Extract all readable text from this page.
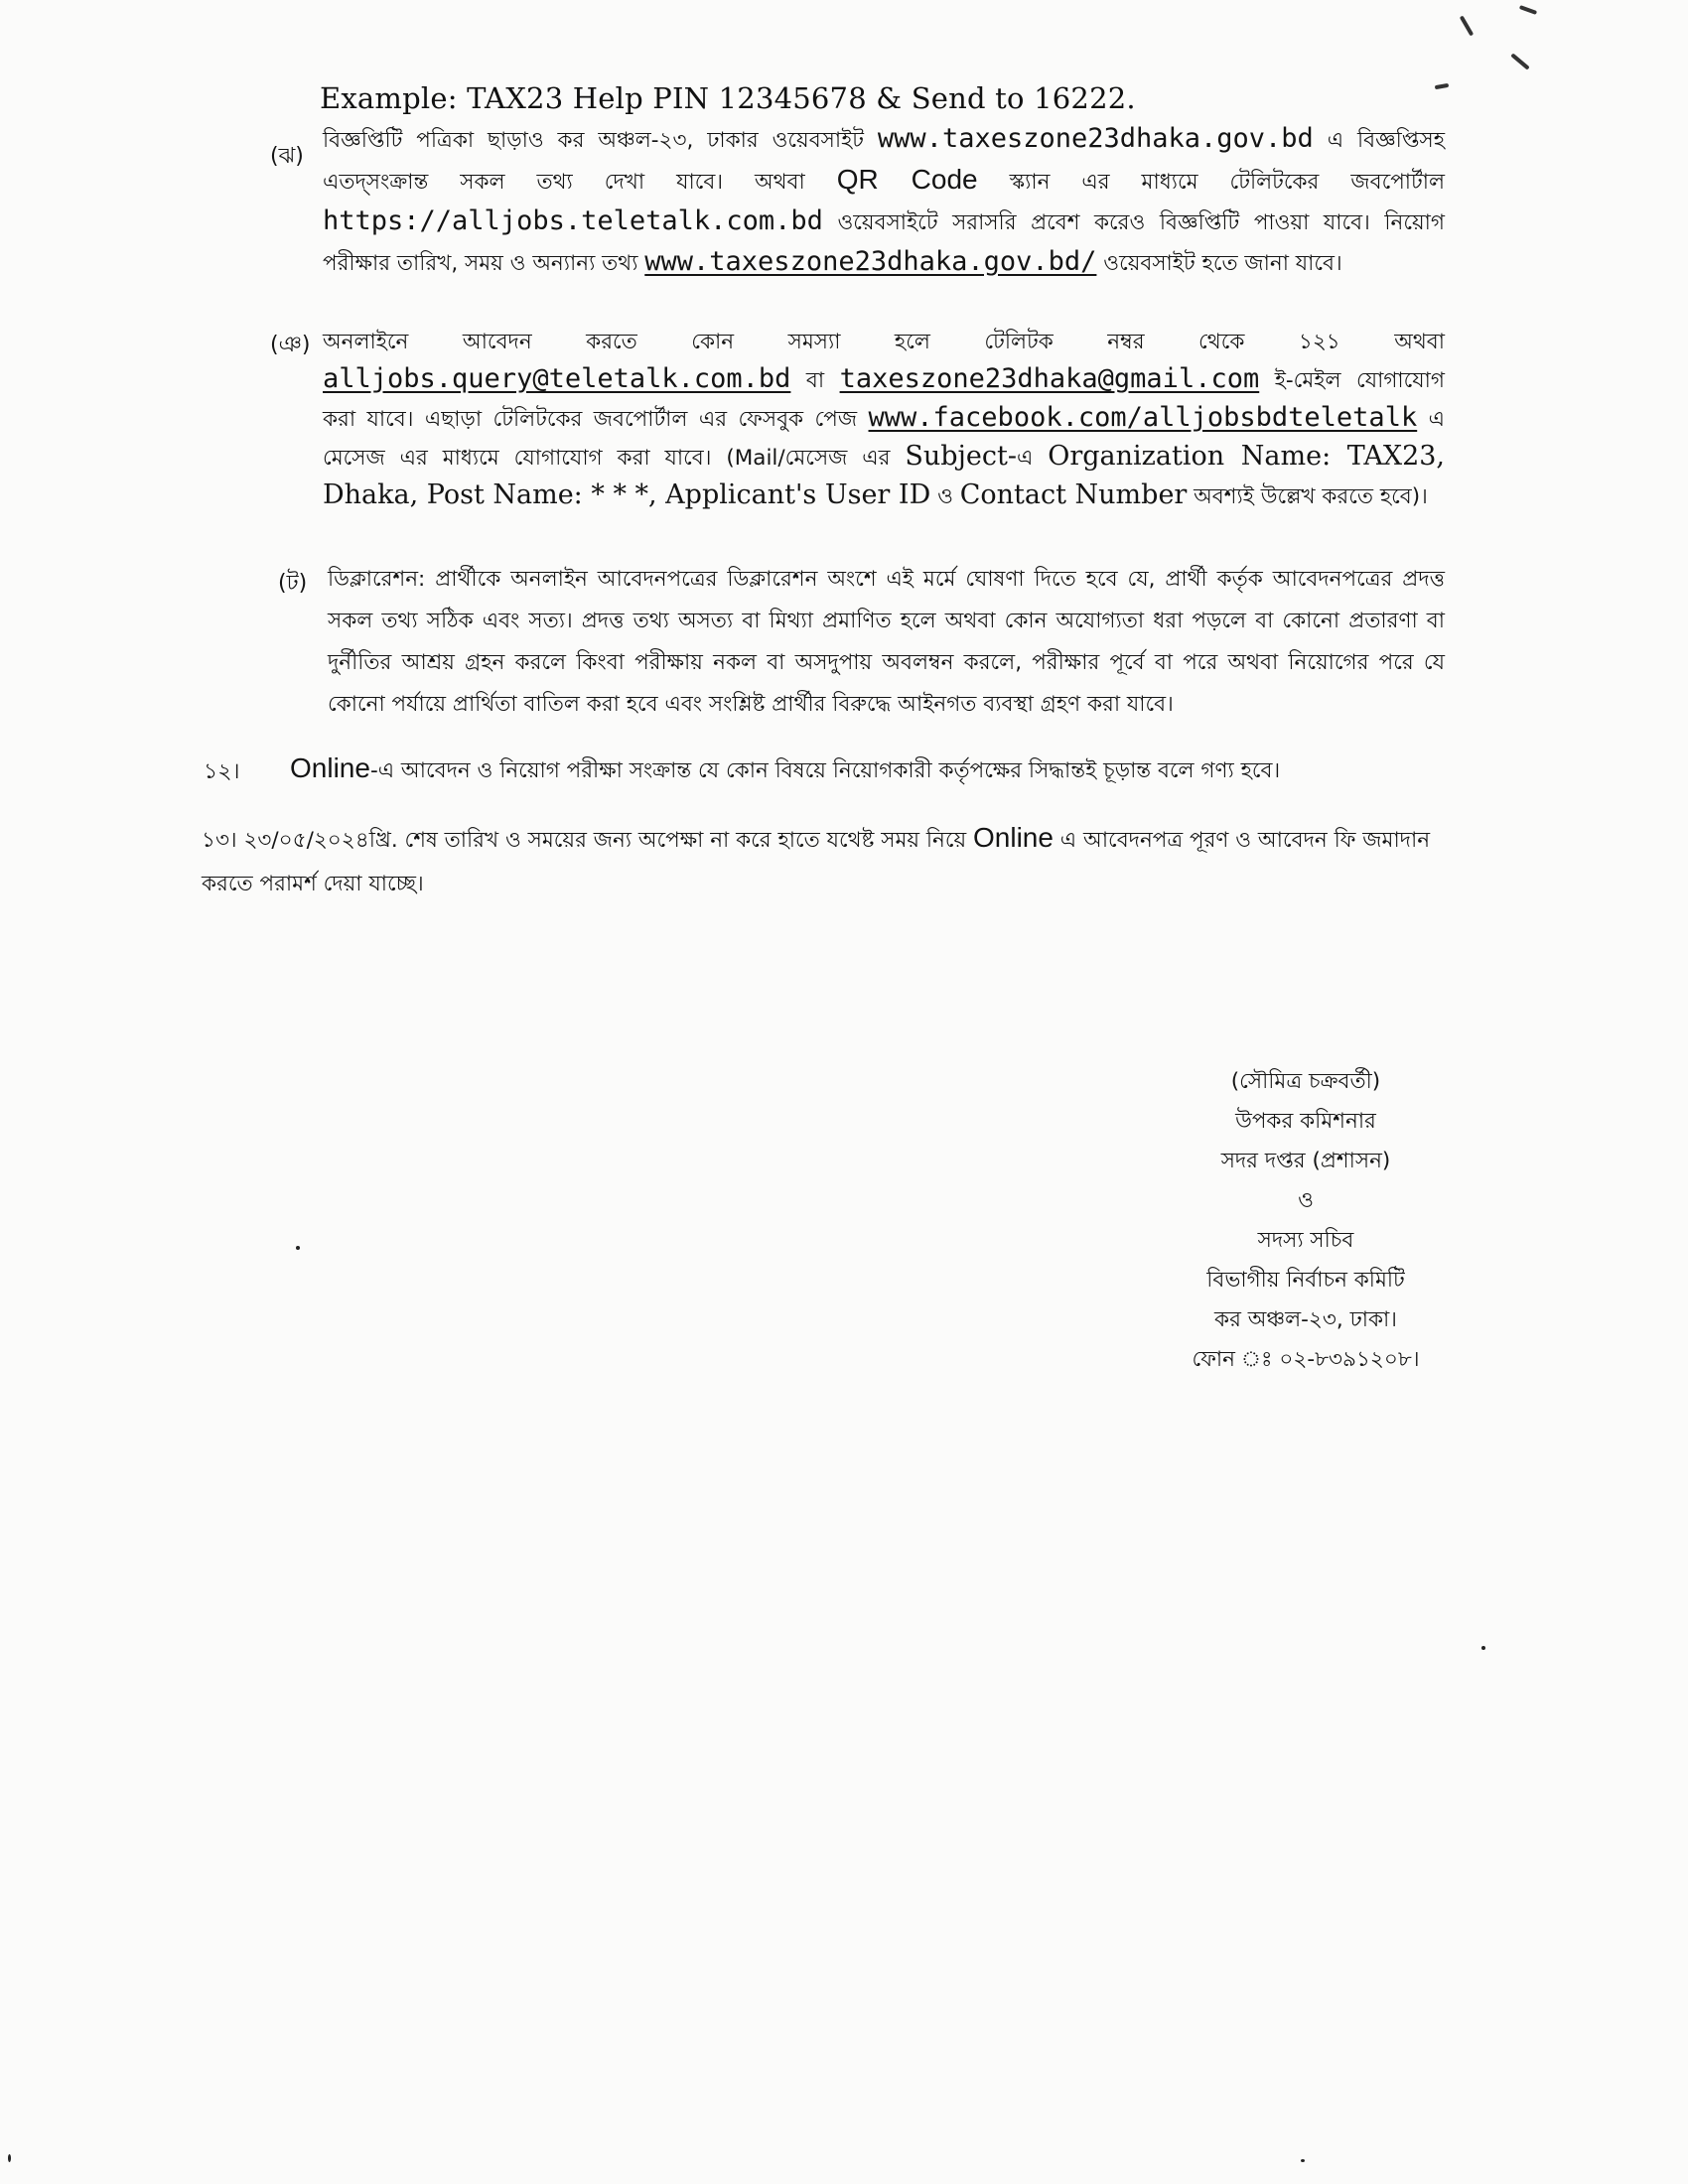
Example: TAX23 Help PIN 12345678 & Send to 16222.
(ঝ)
বিজ্ঞপ্তিটি পত্রিকা ছাড়াও কর অঞ্চল-২৩, ঢাকার ওয়েবসাইট www.taxeszone23dhaka.gov.bd এ বিজ্ঞপ্তিসহ এতদ্‌সংক্রান্ত সকল তথ্য দেখা যাবে। অথবা QR Code স্ক্যান এর মাধ্যমে টেলিটকের জবপোর্টাল https://alljobs.teletalk.com.bd ওয়েবসাইটে সরাসরি প্রবেশ করেও বিজ্ঞপ্তিটি পাওয়া যাবে। নিয়োগ পরীক্ষার তারিখ, সময় ও অন্যান্য তথ্য www.taxeszone23dhaka.gov.bd/ ওয়েবসাইট হতে জানা যাবে।
(ঞ) অনলাইনে আবেদন করতে কোন সমস্যা হলে টেলিটক নম্বর থেকে ১২১ অথবা alljobs.query@teletalk.com.bd বা taxeszone23dhaka@gmail.com ই-মেইল যোগাযোগ করা যাবে। এছাড়া টেলিটকের জবপোর্টাল এর ফেসবুক পেজ www.facebook.com/alljobsbdteletalk এ মেসেজ এর মাধ্যমে যোগাযোগ করা যাবে। (Mail/মেসেজ এর Subject-এ Organization Name: TAX23, Dhaka, Post Name: * * *, Applicant's User ID ও Contact Number অবশ্যই উল্লেখ করতে হবে)।
(ট) ডিক্লারেশন: প্রার্থীকে অনলাইন আবেদনপত্রের ডিক্লারেশন অংশে এই মর্মে ঘোষণা দিতে হবে যে, প্রার্থী কর্তৃক আবেদনপত্রের প্রদত্ত সকল তথ্য সঠিক এবং সত্য। প্রদত্ত তথ্য অসত্য বা মিথ্যা প্রমাণিত হলে অথবা কোন অযোগ্যতা ধরা পড়লে বা কোনো প্রতারণা বা দুর্নীতির আশ্রয় গ্রহন করলে কিংবা পরীক্ষায় নকল বা অসদুপায় অবলম্বন করলে, পরীক্ষার পূর্বে বা পরে অথবা নিয়োগের পরে যে কোনো পর্যায়ে প্রার্থিতা বাতিল করা হবে এবং সংশ্লিষ্ট প্রার্থীর বিরুদ্ধে আইনগত ব্যবস্থা গ্রহণ করা যাবে।
১২। Online-এ আবেদন ও নিয়োগ পরীক্ষা সংক্রান্ত যে কোন বিষয়ে নিয়োগকারী কর্তৃপক্ষের সিদ্ধান্তই চূড়ান্ত বলে গণ্য হবে।
১৩। ২৩/০৫/২০২৪খ্রি. শেষ তারিখ ও সময়ের জন্য অপেক্ষা না করে হাতে যথেষ্ট সময় নিয়ে Online এ আবেদনপত্র পূরণ ও আবেদন ফি জমাদান করতে পরামর্শ দেয়া যাচ্ছে।
(সৌমিত্র চক্রবর্তী)
উপকর কমিশনার
সদর দপ্তর (প্রশাসন)
ও
সদস্য সচিব
বিভাগীয় নির্বাচন কমিটি
কর অঞ্চল-২৩, ঢাকা।
ফোন ঃ ০২-৮৩৯১২০৮।
